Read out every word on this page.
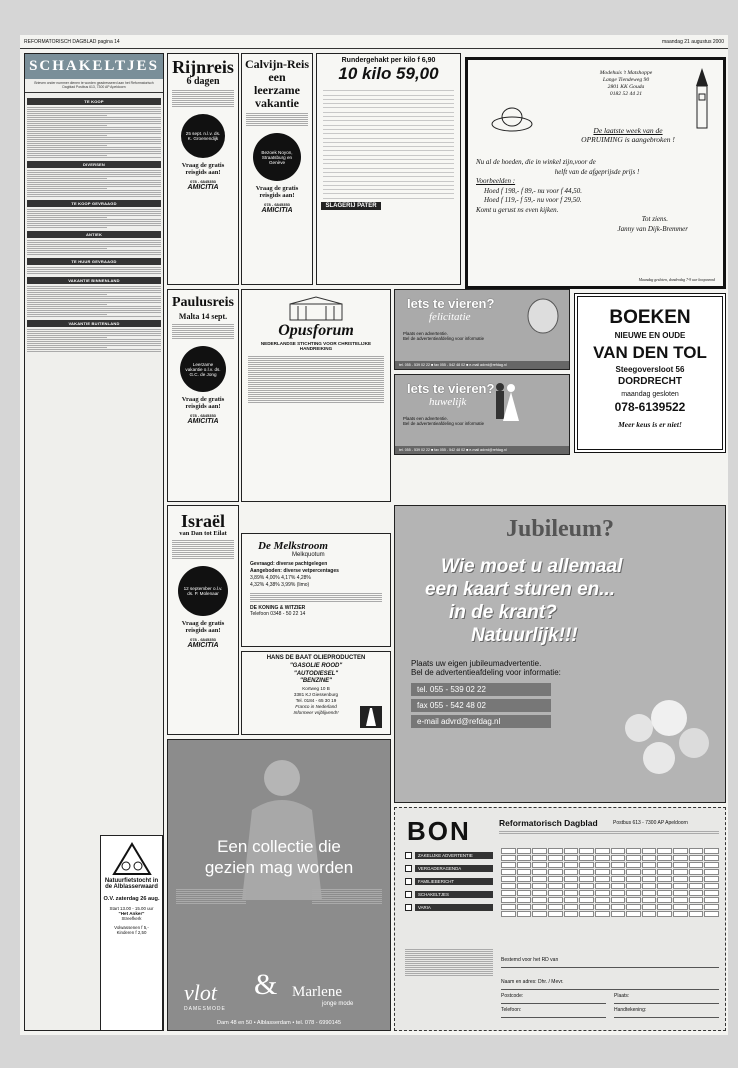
REFORMATORISCH DAGBLAD pagina 14	maandag 21 augustus 2000
SCHAKELTJES
Brieven onder nummer dienen te worden geadresseerd aan het Reformatorisch Dagblad Postbus 613, 7300 AP Apeldoorn
TE KOOP
DIVERSEN
TE KOOP GEVRAAGD
ANTIEK
TE HUUR GEVRAAGD
VAKANTIE BINNENLAND
VAKANTIE BUITENLAND
Rijnreis
6 dagen
25 sept. n.l.v. ds. K. Groenendijk
Vraag de gratis reisgids aan!
078 - 6845353
AMICITIA
Calvijn-Reis een leerzame vakantie
Bezoek Noyon, Straatsburg en Genève
Vraag de gratis reisgids aan!
078 - 6845353
AMICITIA
Rundergehakt per kilo f 6,90
10 kilo 59,00
SLAGERIJ PATER
Modehuis 't Matshoppe
Lange Tiendeweg 90
2801 KK Gouda
0182 52 44 21
De laatste week van de
OPRUIMING is aangebroken !
Nu al de hoeden, die in winkel zijn,voor de
helft van de afgeprijsde prijs !
Voorbeelden :
Hoed f 198,- f 89,- nu voor f 44,50.
Hoed f 119,- f 59,- nu voor f 29,50.
Komt u gerust ns even kijken.
Tot ziens.
Janny van Dijk-Bremmer
Maandag gesloten, donderdag 7-9 uur koopavond
Paulusreis
Malta 14 sept.
Leerzame vakantie o.l.v. ds. G.C. de Jong
Vraag de gratis reisgids aan!
078 - 6845353
AMICITIA
Opusforum
NEDERLANDSE STICHTING VOOR CHRISTELIJKE HANDREIKING
Iets te vieren?
felicitatie
Plaats een advertentie.
Bel de advertentieafdeling voor informatie
tel. 055 - 539 02 22 ■ fax 055 - 542 48 02 ■ e-mail advrd@refdag.nl
Iets te vieren?
huwelijk
Plaats een advertentie.
Bel de advertentieafdeling voor informatie
tel. 055 - 539 02 22 ■ fax 055 - 542 48 02 ■ e-mail advrd@refdag.nl
BOEKEN
NIEUWE EN OUDE
VAN DEN TOL
Steegoversloot 56
DORDRECHT
maandag gesloten
078-6139522
Meer keus is er niet!
Israël
van Dan tot Eilat
12 september o.l.v. ds. P. Molenaar
Vraag de gratis reisgids aan!
078 - 6845353
AMICITIA
De Melkstroom
Melkquotum
Gevraagd: diverse pachtgelegen
Aangeboden: diverse vetpercentages
3,89% 4,00% 4,17% 4,28%
4,32% 4,38% 3,99% (limo)
DE KONING & WITZIER
Telefoon 0348 - 50 22 14
HANS DE BAAT OLIEPRODUCTEN
"GASOLIE ROOD"
"AUTODIESEL"
"BENZINE"
Kortweg 10 B
3381 KJ Giessenburg
Tel. 0184 - 65 30 19
Franco in Nederland
Informeer vrijblijvend!!
Jubileum?
Wie moet u allemaal
een kaart sturen en...
in de krant?
Natuurlijk!!!
Plaats uw eigen jubileumadvertentie.
Bel de advertentieafdeling voor informatie:
tel. 055 - 539 02 22
fax 055 - 542 48 02
e-mail advrd@refdag.nl
Een collectie die
gezien mag worden
vlot
DAMESMODE
& Marlene
jonge mode
Dam 48 en 50 • Alblasserdam • tel. 078 - 6990145
Natuurfietstocht in de Alblasserwaard
O.V. zaterdag 26 aug.
Start 13.00 - 15.00 uur
"Het Anker"
Streefkerk
Volwassenen f 5,-
Kinderen f 2,50
BON	Reformatorisch Dagblad	Postbus 613 - 7300 AP Apeldoorn
ZAKELIJKE ADVERTENTIE
VERGADERAGENDA
FAMILIEBERICHT
SCHAKELTJES
VARIA
Bestemd voor het RD van
Naam en adres: Dhr. / Mevr.
Postcode:	Plaats:
Telefoon:	Handtekening:
